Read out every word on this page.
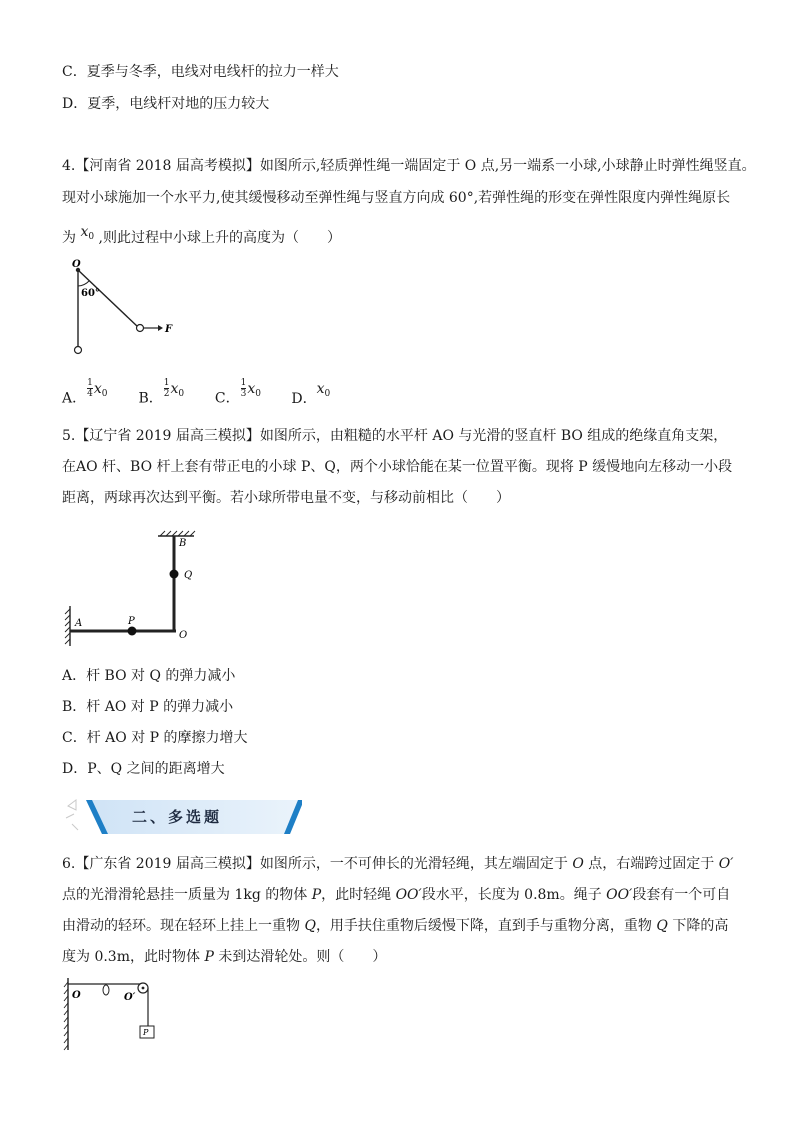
C．夏季与冬季，电线对电线杆的拉力一样大
D．夏季，电线杆对地的压力较大
4.【河南省 2018 届高考模拟】如图所示,轻质弹性绳一端固定于 O 点,另一端系一小球,小球静止时弹性绳竖直。
现对小球施加一个水平力,使其缓慢移动至弹性绳与竖直方向成 60°,若弹性绳的形变在弹性限度内弹性绳原长
为 $x_0$ ,则此过程中小球上升的高度为（　　）
O
60°
F
A． $\frac{1}{4} x_0$ B． $\frac{1}{2} x_0$ C． $\frac{1}{3} x_0$ D．$x_0$
5.【辽宁省 2019 届高三模拟】如图所示，由粗糙的水平杆 AO 与光滑的竖直杆 BO 组成的绝缘直角支架，在AO 杆、BO 杆上套有带正电的小球 P、Q，两个小球恰能在某一位置平衡。现将 P 缓慢地向左移动一小段距离，两球再次达到平衡。若小球所带电量不变，与移动前相比（　　）
A
B
O
P
Q
A．杆 BO 对 Q 的弹力减小
B．杆 AO 对 P 的弹力减小
C．杆 AO 对 P 的摩擦力增大
D．P、Q 之间的距离增大
二、多选题
6.【广东省 2019 届高三模拟】如图所示，一不可伸长的光滑轻绳，其左端固定于 O 点，右端跨过固定于 O′点的光滑滑轮悬挂一质量为 1kg 的物体 P，此时轻绳 OO′段水平，长度为 0.8m。绳子 OO′段套有一个可自由滑动的轻环。现在轻环上挂上一重物 Q，用手扶住重物后缓慢下降，直到手与重物分离，重物 Q 下降的高度为 0.3m，此时物体 P 未到达滑轮处。则（　　）
O	O′
P
